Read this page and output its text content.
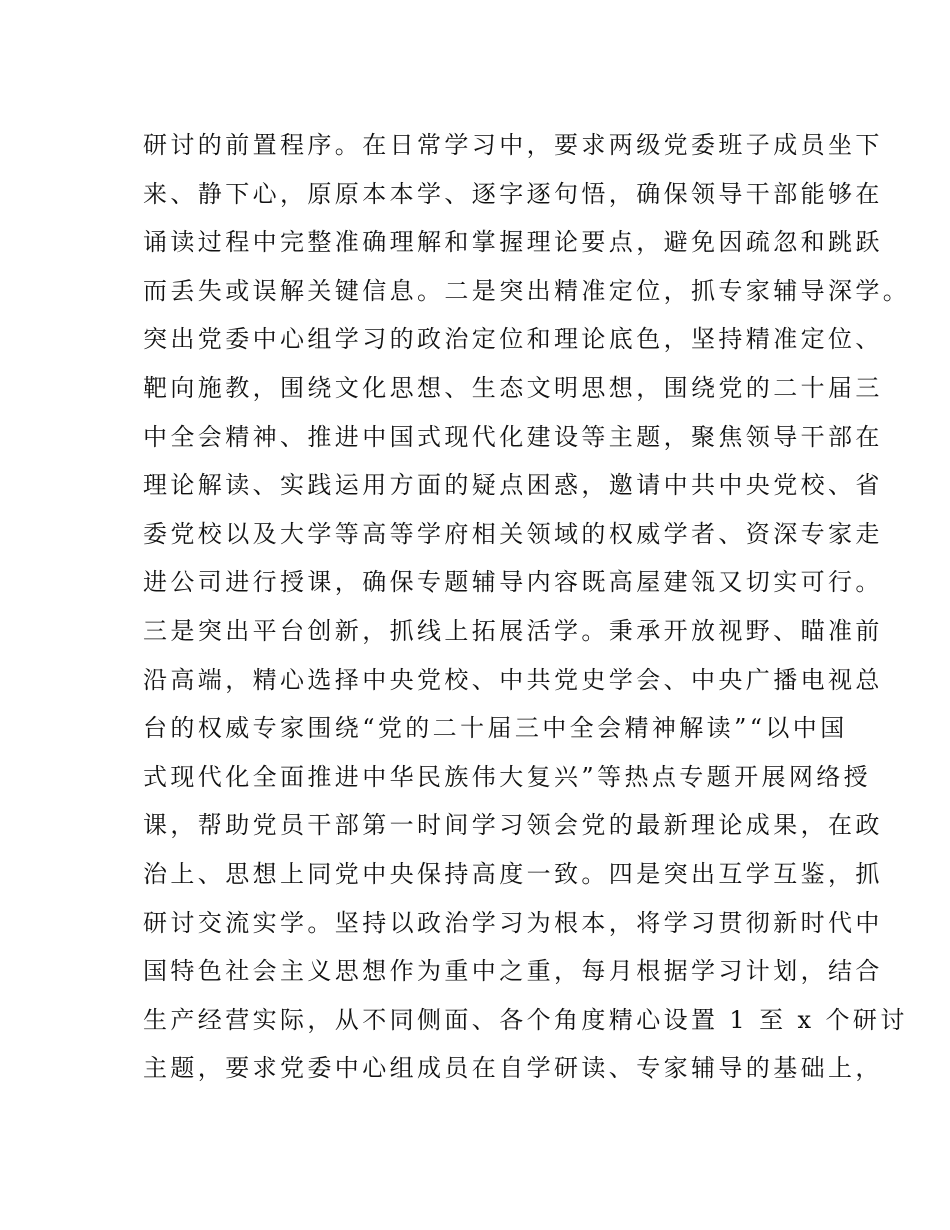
研讨的前置程序。在日常学习中，要求两级党委班子成员坐下
来、静下心，原原本本学、逐字逐句悟，确保领导干部能够在
诵读过程中完整准确理解和掌握理论要点，避免因疏忽和跳跃
而丢失或误解关键信息。二是突出精准定位，抓专家辅导深学。
突出党委中心组学习的政治定位和理论底色，坚持精准定位、
靶向施教，围绕文化思想、生态文明思想，围绕党的二十届三
中全会精神、推进中国式现代化建设等主题，聚焦领导干部在
理论解读、实践运用方面的疑点困惑，邀请中共中央党校、省
委党校以及大学等高等学府相关领域的权威学者、资深专家走
进公司进行授课，确保专题辅导内容既高屋建瓴又切实可行。
三是突出平台创新，抓线上拓展活学。秉承开放视野、瞄准前
沿高端，精心选择中央党校、中共党史学会、中央广播电视总
台的权威专家围绕“党的二十届三中全会精神解读”“以中国
式现代化全面推进中华民族伟大复兴”等热点专题开展网络授
课，帮助党员干部第一时间学习领会党的最新理论成果，在政
治上、思想上同党中央保持高度一致。四是突出互学互鉴，抓
研讨交流实学。坚持以政治学习为根本，将学习贯彻新时代中
国特色社会主义思想作为重中之重，每月根据学习计划，结合
生产经营实际，从不同侧面、各个角度精心设置 1 至 x 个研讨
主题，要求党委中心组成员在自学研读、专家辅导的基础上，
